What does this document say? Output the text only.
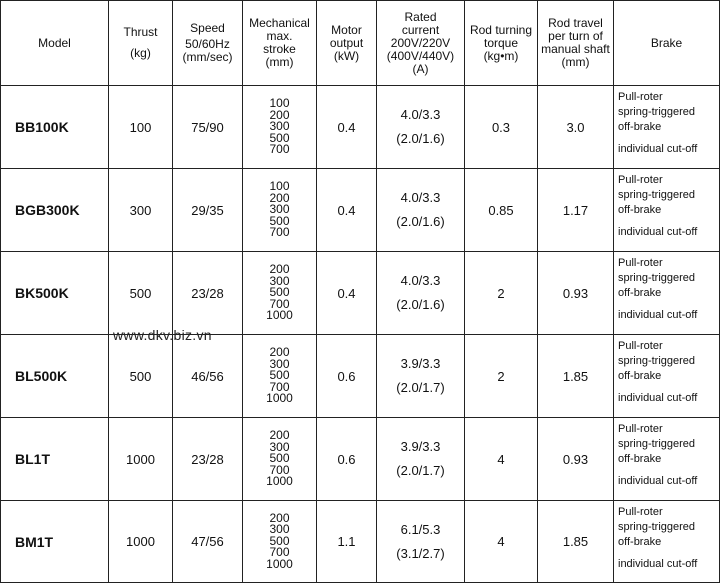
Model	Thrust
(kg)	Speed
50/60Hz
(mm/sec)	Mechanical
max.
stroke
(mm)	Motor
output
(kW)	Rated
current
200V/220V
(400V/440V)
(A)	Rod turning
torque
(kg•m)	Rod travel
per turn of
manual shaft
(mm)	Brake

BB100K	100	75/90	100
200
300
500
700	0.4	4.0/3.3
(2.0/1.6)	0.3	3.0	Pull-roter
spring-triggered
off-brake
individual cut-off

BGB300K	300	29/35	100
200
300
500
700	0.4	4.0/3.3
(2.0/1.6)	0.85	1.17	Pull-roter
spring-triggered
off-brake
individual cut-off

BK500K	500	23/28	200
300
500
700
1000	0.4	4.0/3.3
(2.0/1.6)	2	0.93	Pull-roter
spring-triggered
off-brake
individual cut-off

BL500K	500	46/56	200
300
500
700
1000	0.6	3.9/3.3
(2.0/1.7)	2	1.85	Pull-roter
spring-triggered
off-brake
individual cut-off

BL1T	1000	23/28	200
300
500
700
1000	0.6	3.9/3.3
(2.0/1.7)	4	0.93	Pull-roter
spring-triggered
off-brake
individual cut-off

BM1T	1000	47/56	200
300
500
700
1000	1.1	6.1/5.3
(3.1/2.7)	4	1.85	Pull-roter
spring-triggered
off-brake
individual cut-off
www.dkv.biz.vn
